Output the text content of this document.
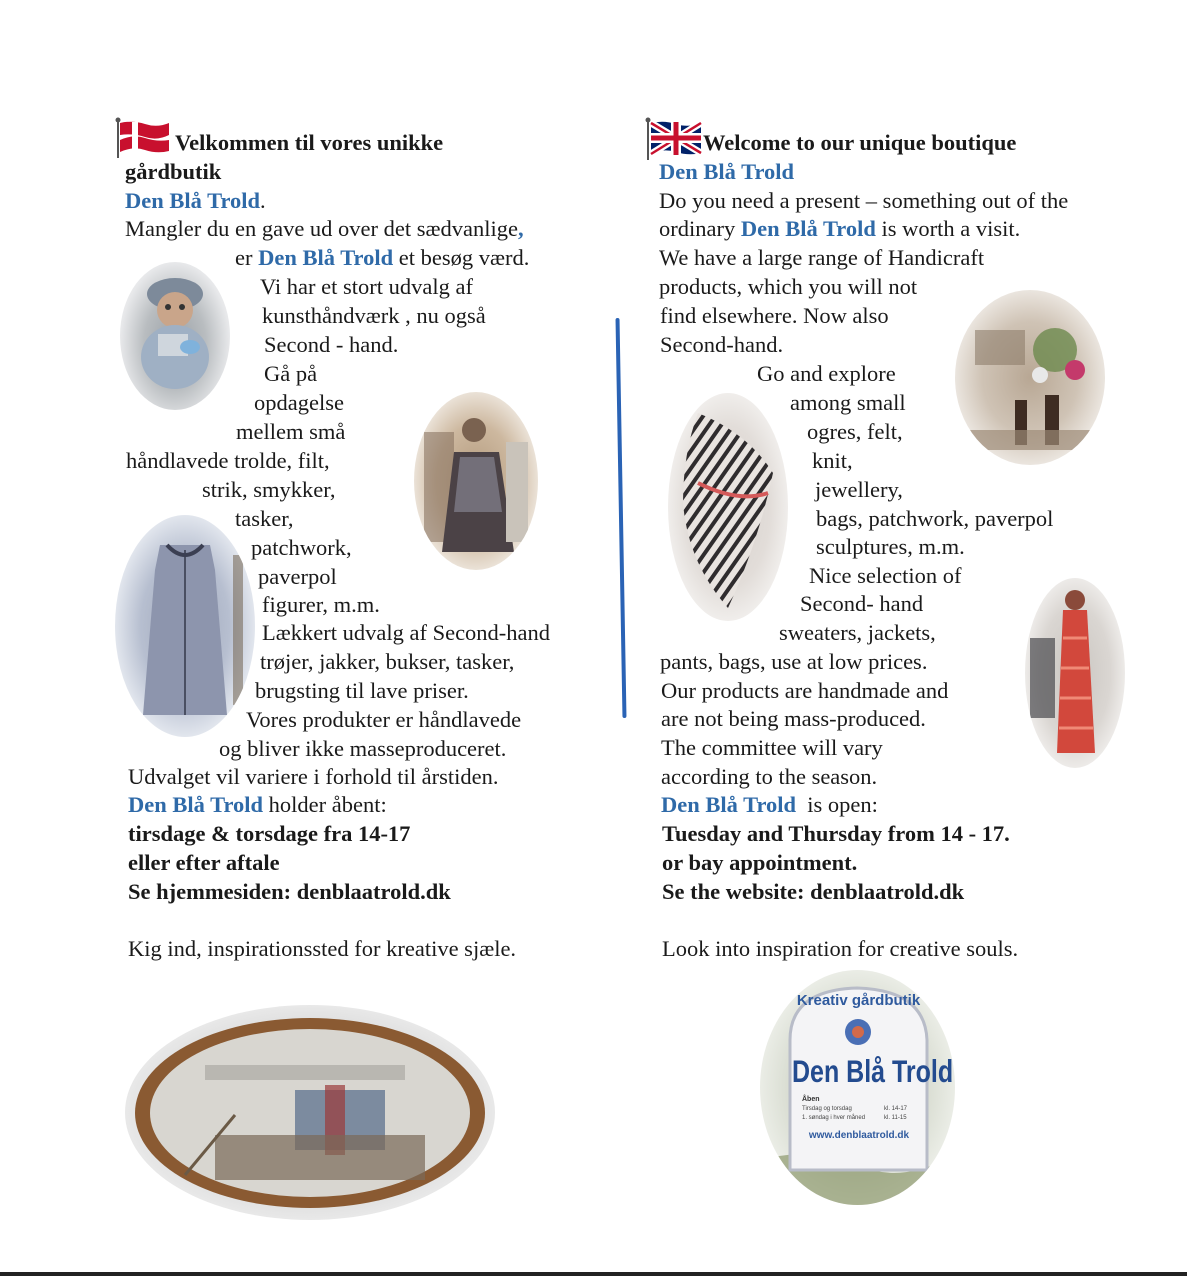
Velkommen til vores unikke
gårdbutik
Den Blå Trold.
Mangler du en gave ud over det sædvanlige,
er Den Blå Trold et besøg værd.
Vi har et stort udvalg af
kunsthåndværk , nu også
Second - hand.
Gå på
opdagelse
mellem små
håndlavede trolde, filt,
strik, smykker,
tasker,
patchwork,
paverpol
figurer, m.m.
Lækkert udvalg af Second-hand
trøjer, jakker, bukser, tasker,
brugsting til lave priser.
Vores produkter er håndlavede
og bliver ikke masseproduceret.
Udvalget vil variere i forhold til årstiden.
Den Blå Trold holder åbent:
tirsdage & torsdage fra 14-17
eller efter aftale
Se hjemmesiden: denblaatrold.dk
Kig ind, inspirationssted for kreative sjæle.
Welcome to our unique boutique
Den Blå Trold
Do you need a present – something out of the
ordinary Den Blå Trold is worth a visit.
We have a large range of Handicraft
products, which you will not
find elsewhere. Now also
Second-hand.
Go and explore
among small
ogres, felt,
knit,
jewellery,
bags, patchwork, paverpol
sculptures, m.m.
Nice selection of
Second- hand
sweaters, jackets,
pants, bags, use at low prices.
Our products are handmade and
are not being mass-produced.
The committee will vary
according to the season.
Den Blå Trold is open:
Tuesday and Thursday from 14 - 17.
or bay appointment.
Se the website: denblaatrold.dk
Look into inspiration for creative souls.
Kreativ gårdbutik
Den Blå Trold
Åben
Tirsdag og torsdag	kl. 14-17
1. søndag i hver måned	kl. 11-15
www.denblaatrold.dk
